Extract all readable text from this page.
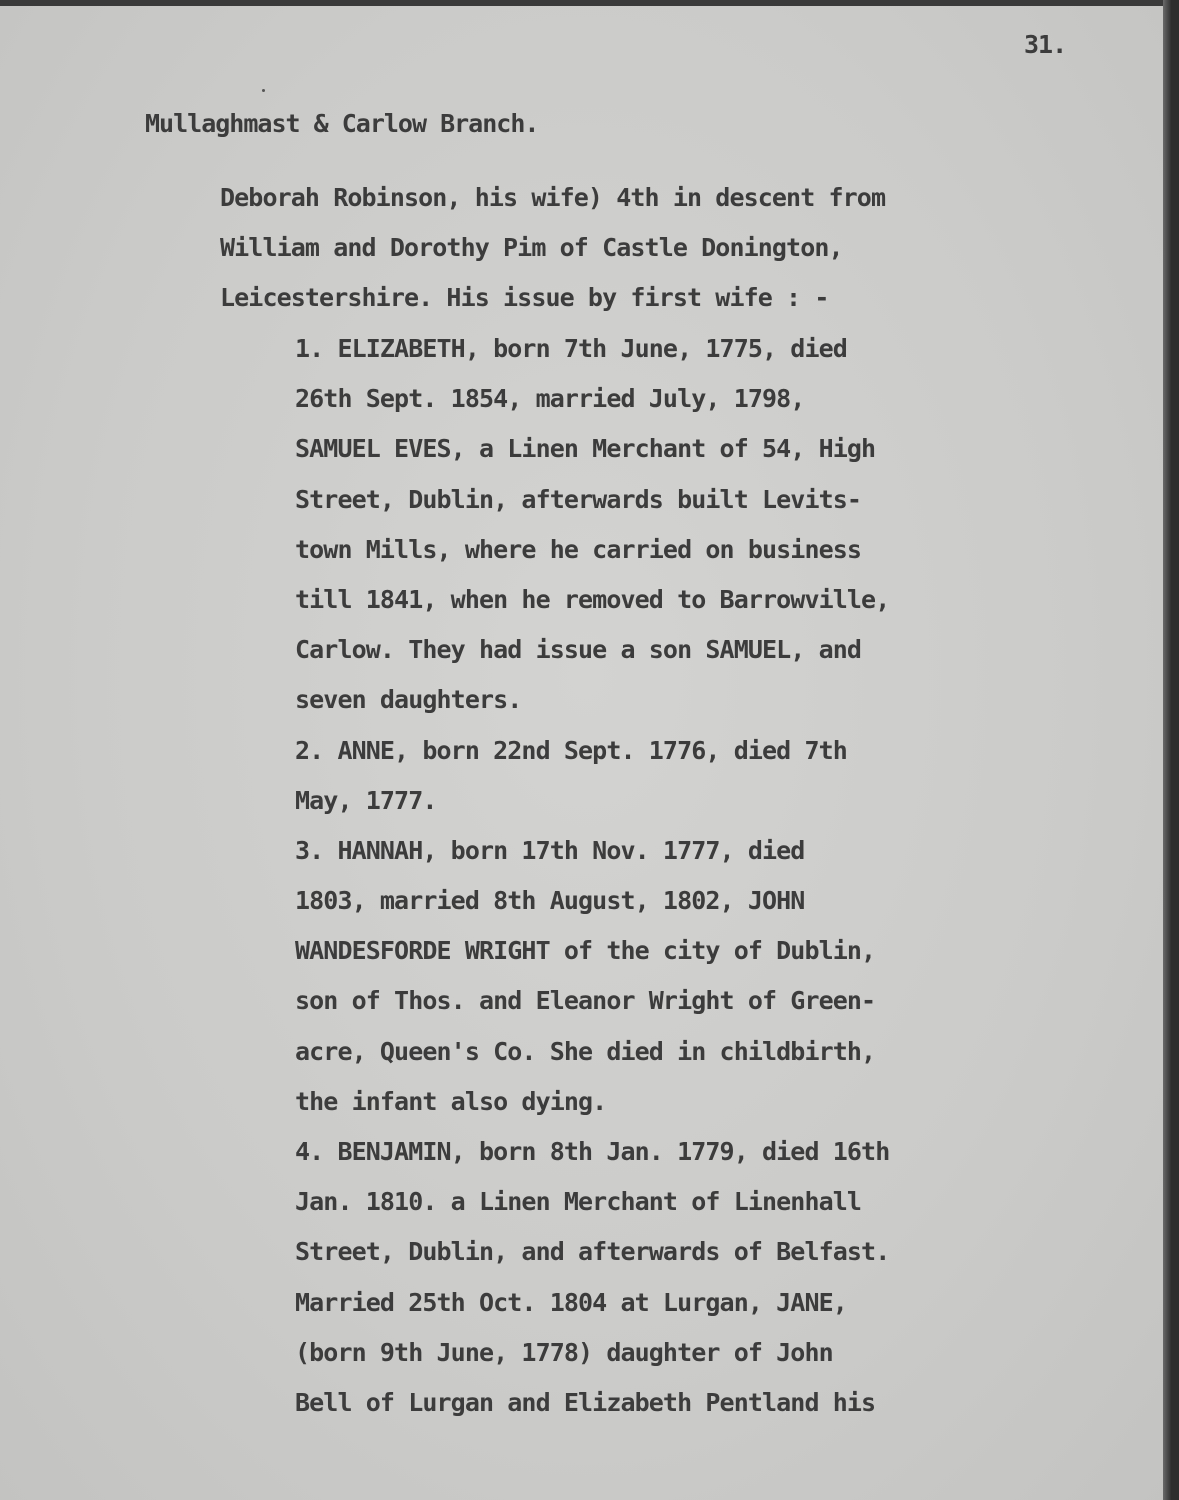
31.
Mullaghmast & Carlow Branch.
Deborah Robinson, his wife) 4th in descent from
William and Dorothy Pim of Castle Donington,
Leicestershire. His issue by first wife : -
1. ELIZABETH, born 7th June, 1775, died
26th Sept. 1854, married July, 1798,
SAMUEL EVES, a Linen Merchant of 54, High
Street, Dublin, afterwards built Levits-
town Mills, where he carried on business
till 1841, when he removed to Barrowville,
Carlow. They had issue a son SAMUEL, and
seven daughters.
2. ANNE, born 22nd Sept. 1776, died 7th
May, 1777.
3. HANNAH, born 17th Nov. 1777, died
1803, married 8th August, 1802, JOHN
WANDESFORDE WRIGHT of the city of Dublin,
son of Thos. and Eleanor Wright of Green-
acre, Queen's Co. She died in childbirth,
the infant also dying.
4. BENJAMIN, born 8th Jan. 1779, died 16th
Jan. 1810. a Linen Merchant of Linenhall
Street, Dublin, and afterwards of Belfast.
Married 25th Oct. 1804 at Lurgan, JANE,
(born 9th June, 1778) daughter of John
Bell of Lurgan and Elizabeth Pentland his
